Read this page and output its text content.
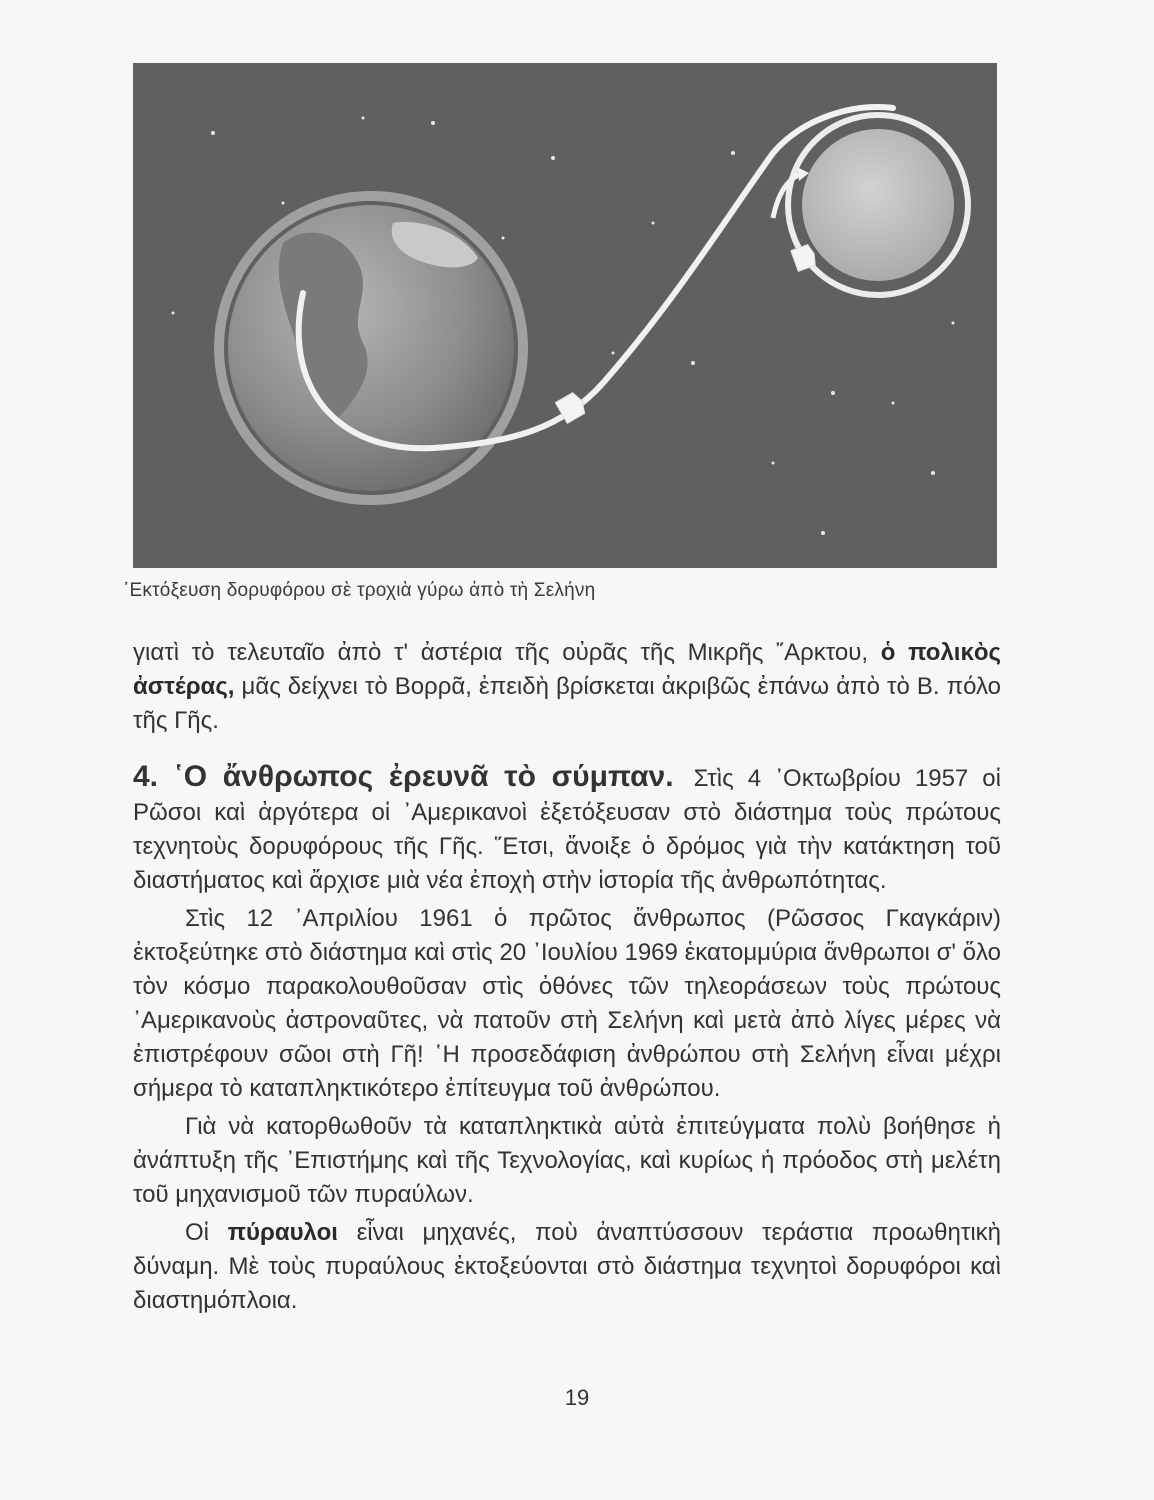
᾿Εκτόξευση δορυφόρου σὲ τροχιὰ γύρω ἀπὸ τὴ Σελήνη

γιατὶ τὸ τελευταῖο ἀπὸ τ' ἀστέρια τῆς οὐρᾶς τῆς Μικρῆς ῎Αρκτου, ὁ πολικὸς ἀστέρας, μᾶς δείχνει τὸ Βορρᾶ, ἐπειδὴ βρίσκεται ἀκριβῶς ἐπάνω ἀπὸ τὸ Β. πόλο τῆς Γῆς.

4. ῾Ο ἄνθρωπος ἐρευνᾶ τὸ σύμπαν. Στὶς 4 ᾿Οκτωβρίου 1957 οἱ Ρῶσοι καὶ ἀργότερα οἱ ᾿Αμερικανοὶ ἐξετόξευσαν στὸ διάστημα τοὺς πρώτους τεχνητοὺς δορυφόρους τῆς Γῆς. ῞Ετσι, ἄνοιξε ὁ δρόμος γιὰ τὴν κατάκτηση τοῦ διαστήματος καὶ ἄρχισε μιὰ νέα ἐποχὴ στὴν ἱστορία τῆς ἀνθρωπότητας.

Στὶς 12 ᾿Απριλίου 1961 ὁ πρῶτος ἄνθρωπος (Ρῶσσος Γκαγκάριν) ἐκτοξεύτηκε στὸ διάστημα καὶ στὶς 20 ᾿Ιουλίου 1969 ἑκατομμύρια ἄνθρωποι σ' ὅλο τὸν κόσμο παρακολουθοῦσαν στὶς ὀθόνες τῶν τηλεοράσεων τοὺς πρώτους ᾿Αμερικανοὺς ἀστροναῦτες, νὰ πατοῦν στὴ Σελήνη καὶ μετὰ ἀπὸ λίγες μέρες νὰ ἐπιστρέφουν σῶοι στὴ Γῆ! ῾Η προσεδάφιση ἀνθρώπου στὴ Σελήνη εἶναι μέχρι σήμερα τὸ καταπληκτικότερο ἐπίτευγμα τοῦ ἀνθρώπου.

Γιὰ νὰ κατορθωθοῦν τὰ καταπληκτικὰ αὐτὰ ἐπιτεύγματα πολὺ βοήθησε ἡ ἀνάπτυξη τῆς ᾿Επιστήμης καὶ τῆς Τεχνολογίας, καὶ κυρίως ἡ πρόοδος στὴ μελέτη τοῦ μηχανισμοῦ τῶν πυραύλων.

Οἱ πύραυλοι εἶναι μηχανές, ποὺ ἀναπτύσσουν τεράστια προωθητικὴ δύναμη. Μὲ τοὺς πυραύλους ἐκτοξεύονται στὸ διάστημα τεχνητοὶ δορυφόροι καὶ διαστημόπλοια.

19
